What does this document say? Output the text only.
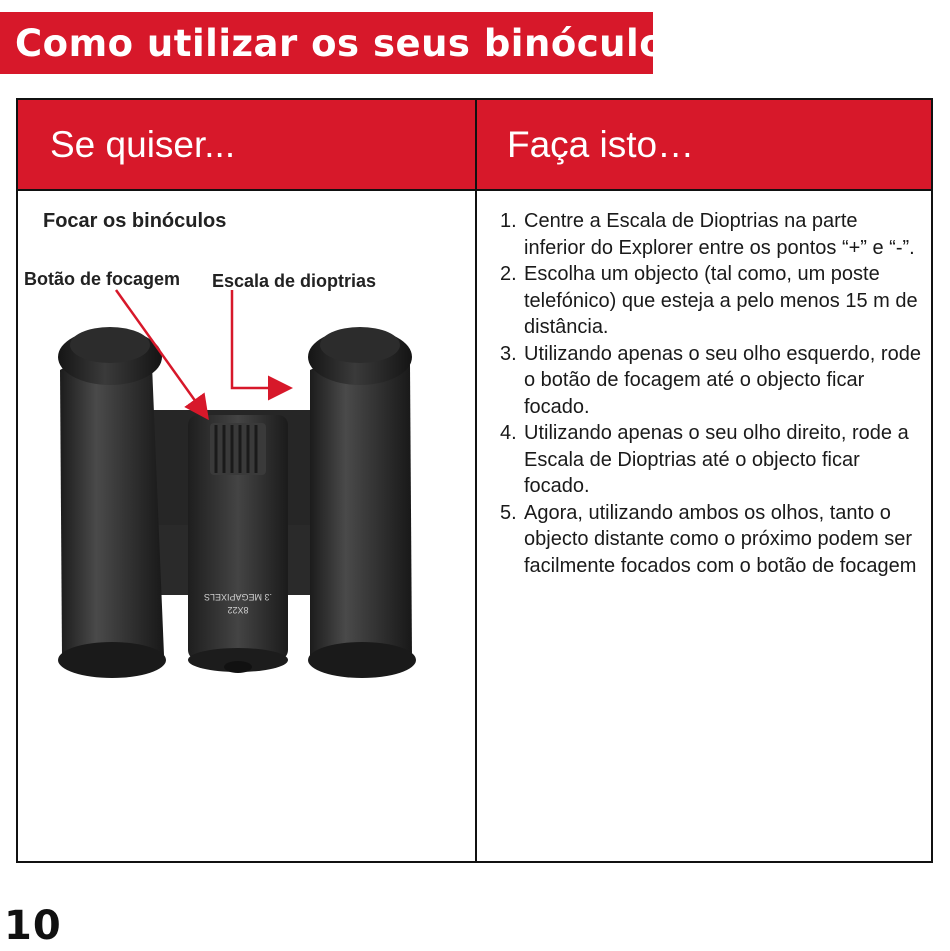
Como utilizar os seus binóculos
Se quiser...	Faça isto…
Focar os binóculos
Botão de focagem Escala de dioptrias
8X22
.3 MEGAPIXELS
1. Centre a Escala de Dioptrias na parte inferior do Explorer entre os pontos “+” e “-”.
2. Escolha um objecto (tal como, um poste telefónico) que esteja a pelo menos 15 m de distância.
3. Utilizando apenas o seu olho esquerdo, rode o botão de focagem até o objecto ficar focado.
4. Utilizando apenas o seu olho direito, rode a Escala de Dioptrias até o objecto ficar focado.
5. Agora, utilizando ambos os olhos, tanto o objecto distante como o próximo podem ser facilmente focados com o botão de focagem
10
